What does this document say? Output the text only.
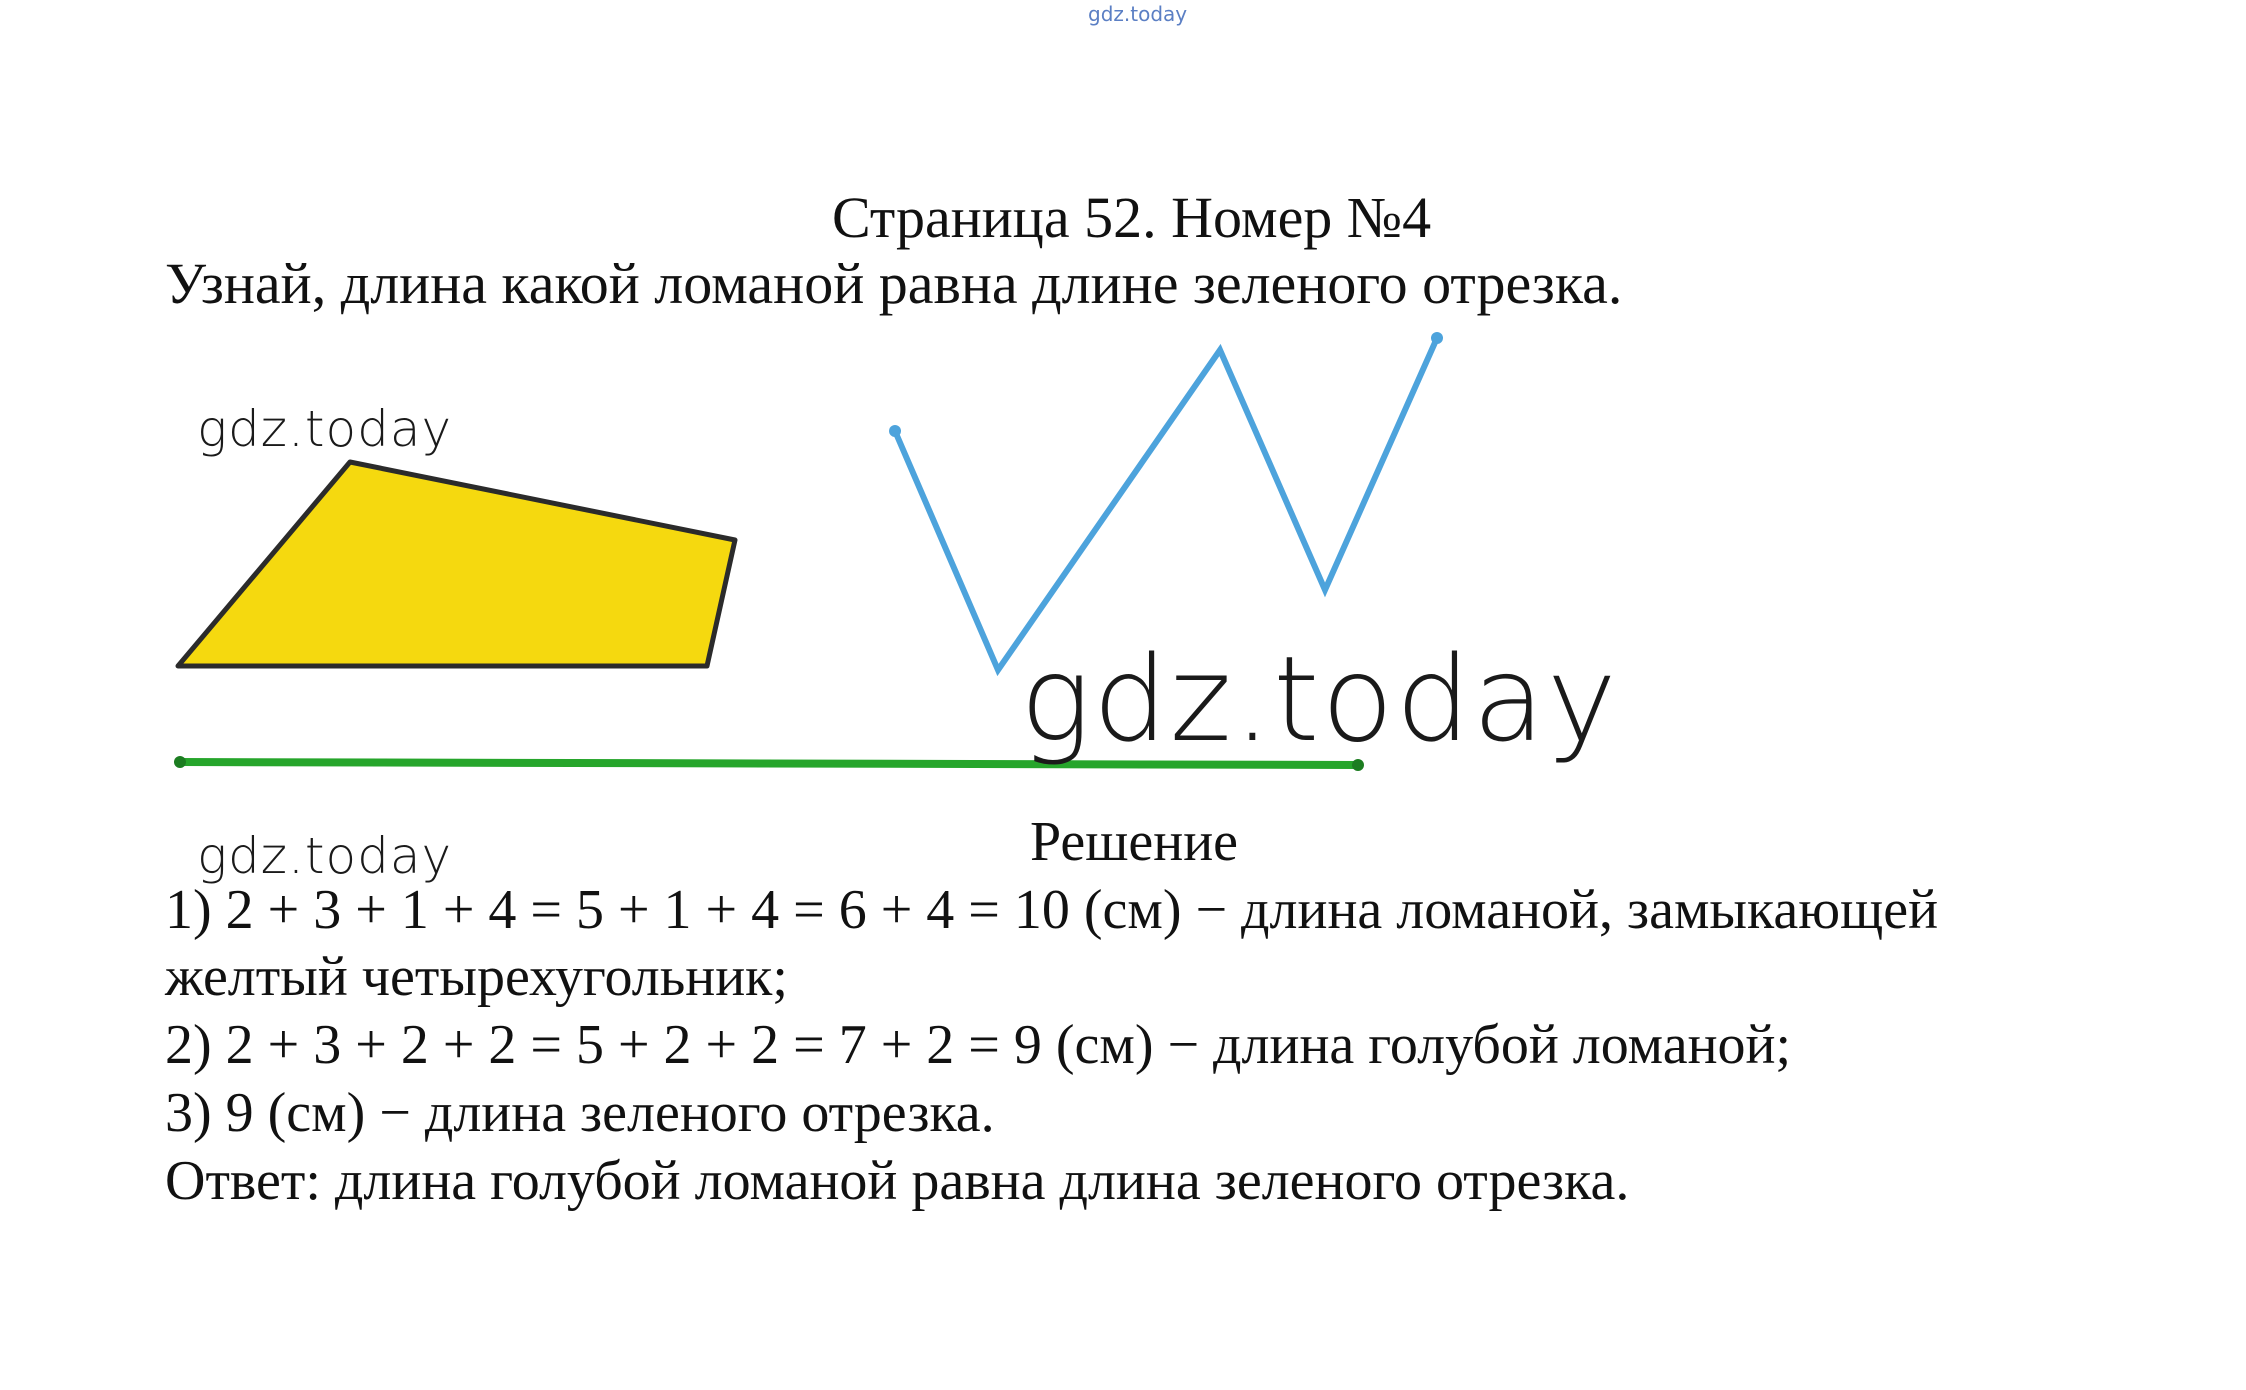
gdz.today
Страница 52. Номер №4
Узнай, длина какой ломаной равна длине зеленого отрезка.
gdz.today
gdz.today
gdz.today	Решение
1) 2 + 3 + 1 + 4 = 5 + 1 + 4 = 6 + 4 = 10 (см) − длина ломаной, замыкающей
желтый четырехугольник;
2) 2 + 3 + 2 + 2 = 5 + 2 + 2 = 7 + 2 = 9 (см) − длина голубой ломаной;
3) 9 (см) − длина зеленого отрезка.
Ответ: длина голубой ломаной равна длина зеленого отрезка.
